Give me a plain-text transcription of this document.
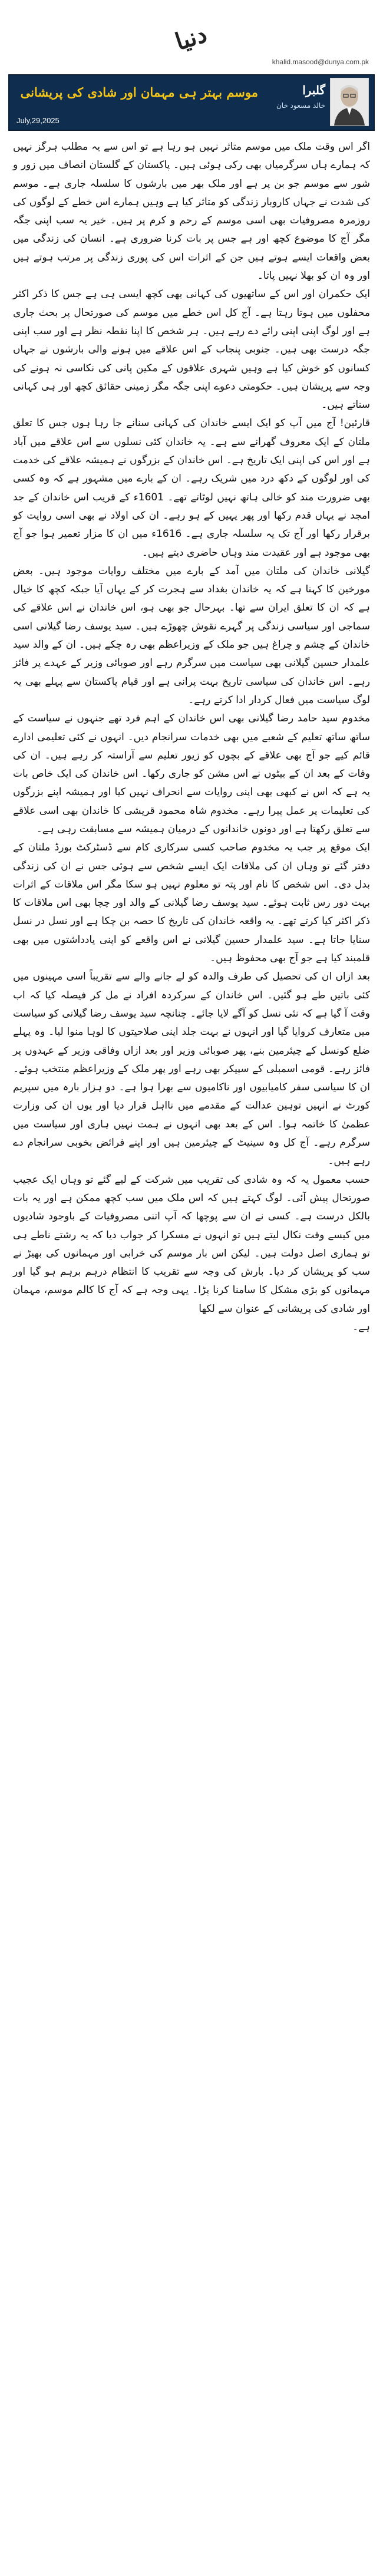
دنیا
khalid.masood@dunya.com.pk
گلبرا
خالد مسعود خان
موسم بہتر ہی مہمان اور شادی کی پریشانی
July,29,2025

اگر اس وقت ملک میں موسم متاثر نہیں ہو رہا ہے تو اس سے یہ مطلب ہرگز نہیں کہ ہمارے ہاں سرگرمیاں بھی رکی ہوئی ہیں۔ پاکستان کے گلستان انصاف میں زور و شور سے موسم جو بن پر ہے اور ملک بھر میں بارشوں کا سلسلہ جاری ہے۔ موسم کی شدت نے جہاں کاروبار زندگی کو متاثر کیا ہے وہیں ہمارے اس خطے کے لوگوں کی روزمرہ مصروفیات بھی اسی موسم کے رحم و کرم پر ہیں۔ خیر یہ سب اپنی جگہ مگر آج کا موضوع کچھ اور ہے جس پر بات کرنا ضروری ہے۔ انسان کی زندگی میں بعض واقعات ایسے ہوتے ہیں جن کے اثرات اس کی پوری زندگی پر مرتب ہوتے ہیں اور وہ ان کو بھلا نہیں پاتا۔

ایک حکمران اور اس کے ساتھیوں کی کہانی بھی کچھ ایسی ہی ہے جس کا ذکر اکثر محفلوں میں ہوتا رہتا ہے۔ آج کل اس خطے میں موسم کی صورتحال پر بحث جاری ہے اور لوگ اپنی اپنی رائے دے رہے ہیں۔ ہر شخص کا اپنا نقطہ نظر ہے اور سب اپنی جگہ درست بھی ہیں۔ جنوبی پنجاب کے اس علاقے میں ہونے والی بارشوں نے جہاں کسانوں کو خوش کیا ہے وہیں شہری علاقوں کے مکین پانی کی نکاسی نہ ہونے کی وجہ سے پریشان ہیں۔ حکومتی دعوے اپنی جگہ مگر زمینی حقائق کچھ اور ہی کہانی سناتے ہیں۔

قارئین! آج میں آپ کو ایک ایسے خاندان کی کہانی سنانے جا رہا ہوں جس کا تعلق ملتان کے ایک معروف گھرانے سے ہے۔ یہ خاندان کئی نسلوں سے اس علاقے میں آباد ہے اور اس کی اپنی ایک تاریخ ہے۔ اس خاندان کے بزرگوں نے ہمیشہ علاقے کی خدمت کی اور لوگوں کے دکھ درد میں شریک رہے۔ ان کے بارے میں مشہور ہے کہ وہ کسی بھی ضرورت مند کو خالی ہاتھ نہیں لوٹاتے تھے۔ 1601ء کے قریب اس خاندان کے جد امجد نے یہاں قدم رکھا اور پھر یہیں کے ہو رہے۔ ان کی اولاد نے بھی اسی روایت کو برقرار رکھا اور آج تک یہ سلسلہ جاری ہے۔ 1616ء میں ان کا مزار تعمیر ہوا جو آج بھی موجود ہے اور عقیدت مند وہاں حاضری دیتے ہیں۔

گیلانی خاندان کی ملتان میں آمد کے بارے میں مختلف روایات موجود ہیں۔ بعض مورخین کا کہنا ہے کہ یہ خاندان بغداد سے ہجرت کر کے یہاں آیا جبکہ کچھ کا خیال ہے کہ ان کا تعلق ایران سے تھا۔ بہرحال جو بھی ہو، اس خاندان نے اس علاقے کی سماجی اور سیاسی زندگی پر گہرے نقوش چھوڑے ہیں۔ سید یوسف رضا گیلانی اسی خاندان کے چشم و چراغ ہیں جو ملک کے وزیراعظم بھی رہ چکے ہیں۔ ان کے والد سید علمدار حسین گیلانی بھی سیاست میں سرگرم رہے اور صوبائی وزیر کے عہدے پر فائز رہے۔ اس خاندان کی سیاسی تاریخ بہت پرانی ہے اور قیام پاکستان سے پہلے بھی یہ لوگ سیاست میں فعال کردار ادا کرتے رہے۔

مخدوم سید حامد رضا گیلانی بھی اس خاندان کے اہم فرد تھے جنہوں نے سیاست کے ساتھ ساتھ تعلیم کے شعبے میں بھی خدمات سرانجام دیں۔ انہوں نے کئی تعلیمی ادارے قائم کیے جو آج بھی علاقے کے بچوں کو زیور تعلیم سے آراستہ کر رہے ہیں۔ ان کی وفات کے بعد ان کے بیٹوں نے اس مشن کو جاری رکھا۔ اس خاندان کی ایک خاص بات یہ ہے کہ اس نے کبھی بھی اپنی روایات سے انحراف نہیں کیا اور ہمیشہ اپنے بزرگوں کی تعلیمات پر عمل پیرا رہے۔ مخدوم شاہ محمود قریشی کا خاندان بھی اسی علاقے سے تعلق رکھتا ہے اور دونوں خاندانوں کے درمیان ہمیشہ سے مسابقت رہی ہے۔

ایک موقع پر جب یہ مخدوم صاحب کسی سرکاری کام سے ڈسٹرکٹ بورڈ ملتان کے دفتر گئے تو وہاں ان کی ملاقات ایک ایسے شخص سے ہوئی جس نے ان کی زندگی بدل دی۔ اس شخص کا نام اور پتہ تو معلوم نہیں ہو سکا مگر اس ملاقات کے اثرات بہت دور رس ثابت ہوئے۔ سید یوسف رضا گیلانی کے والد اور چچا بھی اس ملاقات کا ذکر اکثر کیا کرتے تھے۔ یہ واقعہ خاندان کی تاریخ کا حصہ بن چکا ہے اور نسل در نسل سنایا جاتا ہے۔ سید علمدار حسین گیلانی نے اس واقعے کو اپنی یادداشتوں میں بھی قلمبند کیا ہے جو آج بھی محفوظ ہیں۔

بعد ازاں ان کی تحصیل کی طرف والدہ کو لے جانے والے سے تقریباً اسی مہینوں میں کئی باتیں طے ہو گئیں۔ اس خاندان کے سرکردہ افراد نے مل کر فیصلہ کیا کہ اب وقت آ گیا ہے کہ نئی نسل کو آگے لایا جائے۔ چنانچہ سید یوسف رضا گیلانی کو سیاست میں متعارف کروایا گیا اور انہوں نے بہت جلد اپنی صلاحیتوں کا لوہا منوا لیا۔ وہ پہلے ضلع کونسل کے چیئرمین بنے، پھر صوبائی وزیر اور بعد ازاں وفاقی وزیر کے عہدوں پر فائز رہے۔ قومی اسمبلی کے سپیکر بھی رہے اور پھر ملک کے وزیراعظم منتخب ہوئے۔ ان کا سیاسی سفر کامیابیوں اور ناکامیوں سے بھرا ہوا ہے۔ دو ہزار بارہ میں سپریم کورٹ نے انہیں توہین عدالت کے مقدمے میں نااہل قرار دیا اور یوں ان کی وزارت عظمیٰ کا خاتمہ ہوا۔ اس کے بعد بھی انہوں نے ہمت نہیں ہاری اور سیاست میں سرگرم رہے۔ آج کل وہ سینیٹ کے چیئرمین ہیں اور اپنے فرائض بخوبی سرانجام دے رہے ہیں۔

حسب معمول یہ کہ وہ شادی کی تقریب میں شرکت کے لیے گئے تو وہاں ایک عجیب صورتحال پیش آئی۔ لوگ کہتے ہیں کہ اس ملک میں سب کچھ ممکن ہے اور یہ بات بالکل درست ہے۔ کسی نے ان سے پوچھا کہ آپ اتنی مصروفیات کے باوجود شادیوں میں کیسے وقت نکال لیتے ہیں تو انہوں نے مسکرا کر جواب دیا کہ یہ رشتے ناطے ہی تو ہماری اصل دولت ہیں۔ لیکن اس بار موسم کی خرابی اور مہمانوں کی بھیڑ نے سب کو پریشان کر دیا۔ بارش کی وجہ سے تقریب کا انتظام درہم برہم ہو گیا اور مہمانوں کو بڑی مشکل کا سامنا کرنا پڑا۔ یہی وجہ ہے کہ آج کا کالم موسم، مہمان اور شادی کی پریشانی کے عنوان سے لکھا

ہے۔
